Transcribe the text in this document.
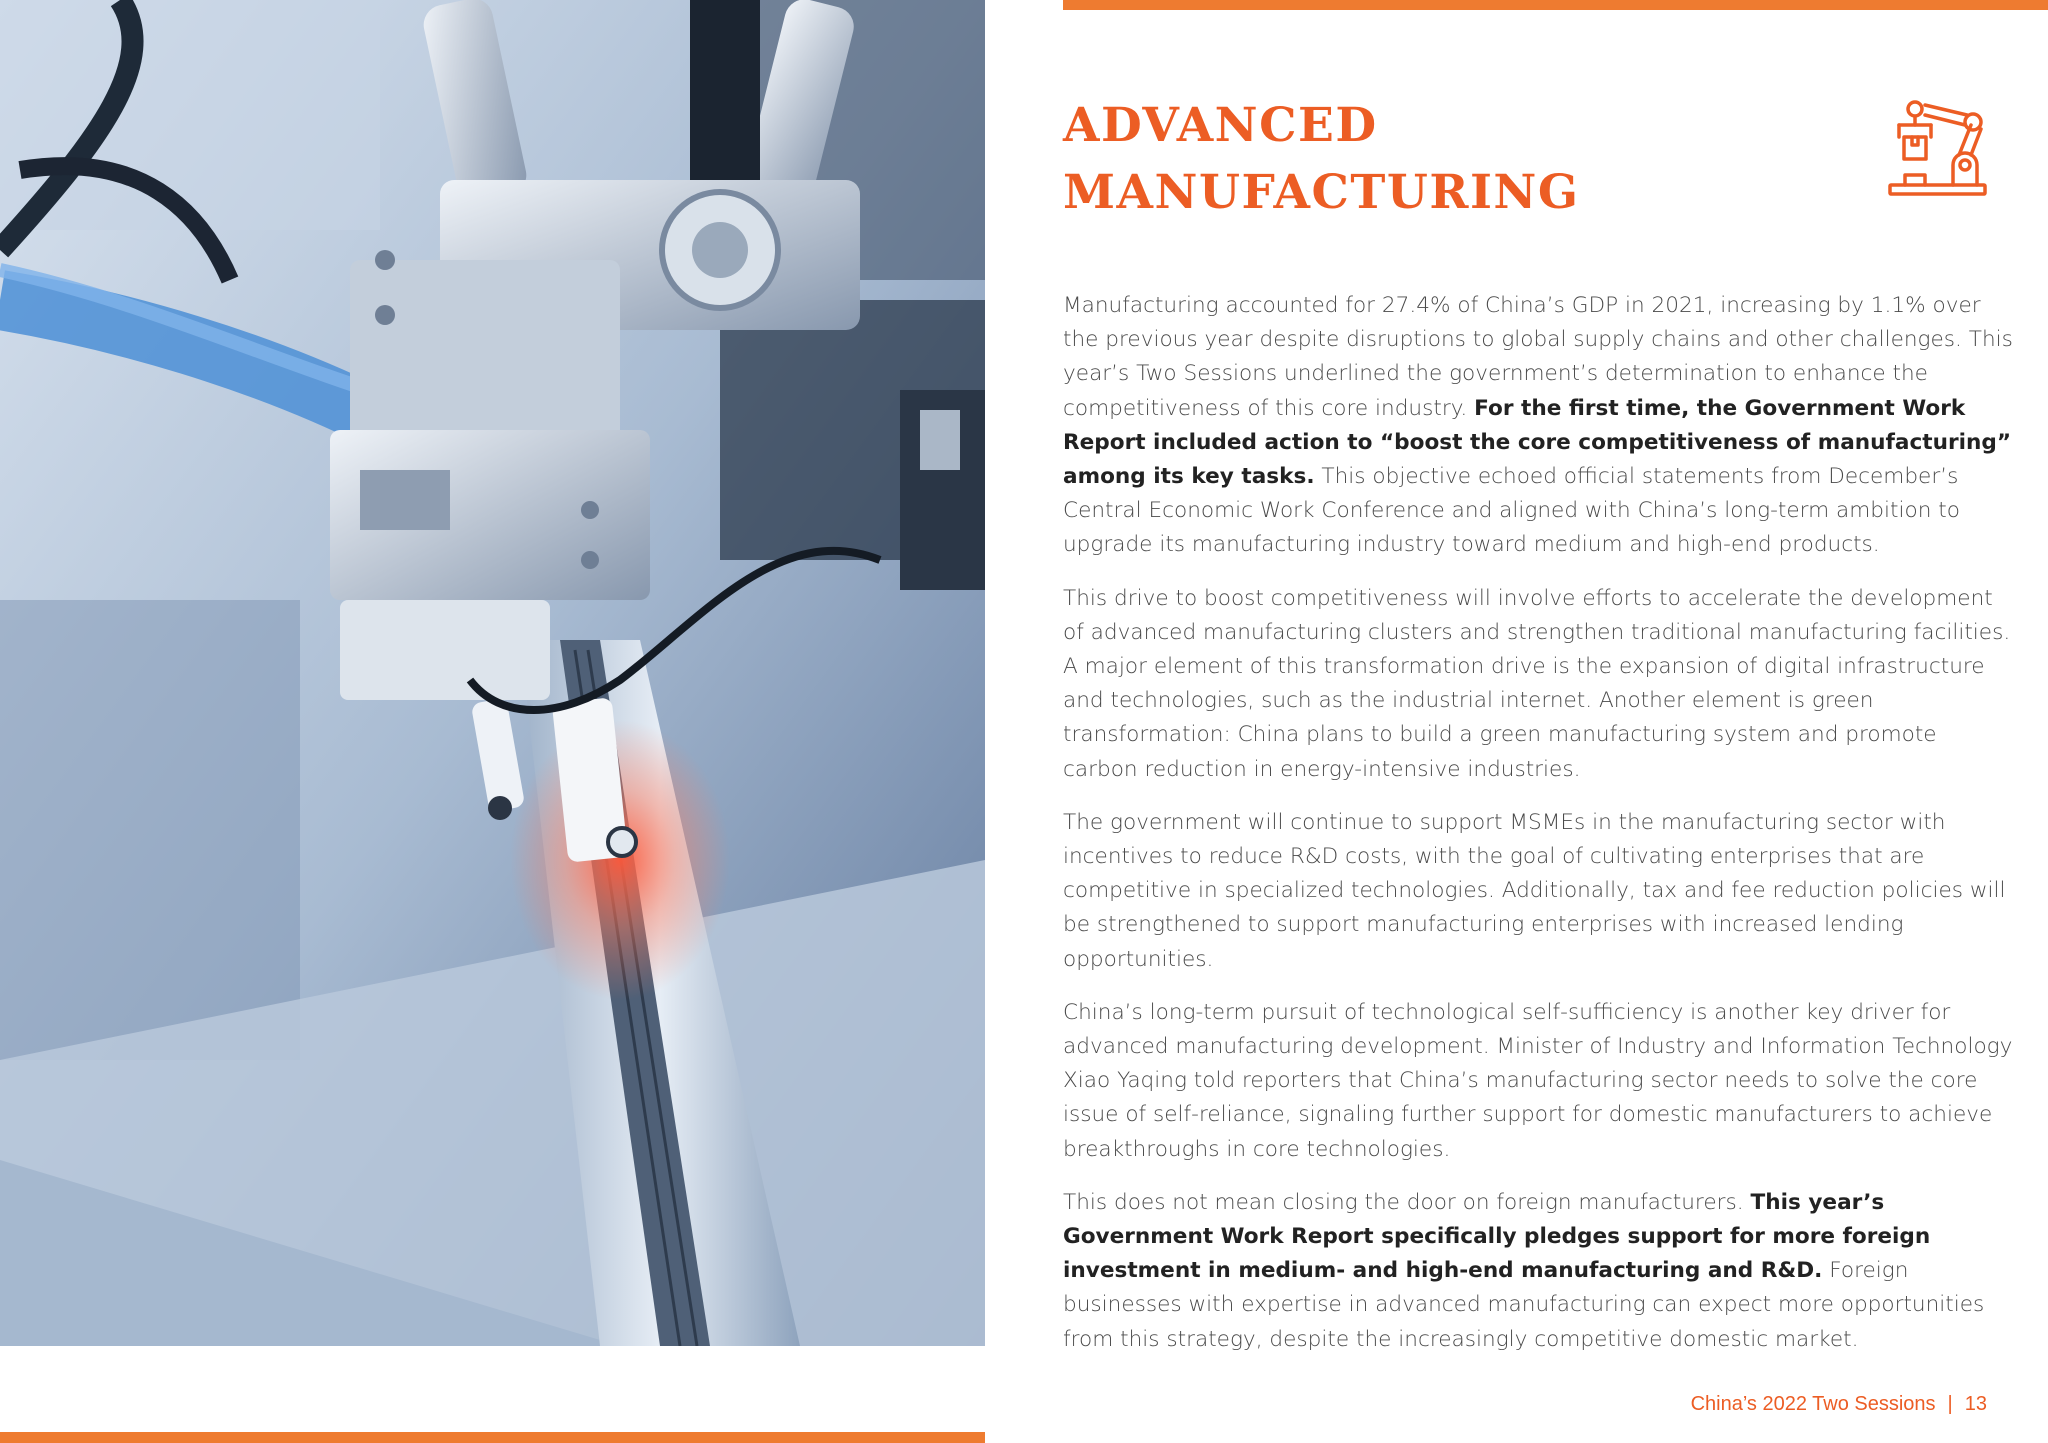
ADVANCED
MANUFACTURING

Manufacturing accounted for 27.4% of China’s GDP in 2021, increasing by 1.1% over the previous year despite disruptions to global supply chains and other challenges. This year’s Two Sessions underlined the government’s determination to enhance the competitiveness of this core industry. For the first time, the Government Work Report included action to “boost the core competitiveness of manufacturing” among its key tasks. This objective echoed official statements from December’s Central Economic Work Conference and aligned with China’s long-term ambition to upgrade its manufacturing industry toward medium and high-end products.

This drive to boost competitiveness will involve efforts to accelerate the development of advanced manufacturing clusters and strengthen traditional manufacturing facilities. A major element of this transformation drive is the expansion of digital infrastructure and technologies, such as the industrial internet. Another element is green transformation: China plans to build a green manufacturing system and promote carbon reduction in energy-intensive industries.

The government will continue to support MSMEs in the manufacturing sector with incentives to reduce R&D costs, with the goal of cultivating enterprises that are competitive in specialized technologies. Additionally, tax and fee reduction policies will be strengthened to support manufacturing enterprises with increased lending opportunities.

China’s long-term pursuit of technological self-sufficiency is another key driver for advanced manufacturing development. Minister of Industry and Information Technology Xiao Yaqing told reporters that China’s manufacturing sector needs to solve the core issue of self-reliance, signaling further support for domestic manufacturers to achieve breakthroughs in core technologies.

This does not mean closing the door on foreign manufacturers. This year’s Government Work Report specifically pledges support for more foreign investment in medium- and high-end manufacturing and R&D. Foreign businesses with expertise in advanced manufacturing can expect more opportunities from this strategy, despite the increasingly competitive domestic market.

China’s 2022 Two Sessions | 13
